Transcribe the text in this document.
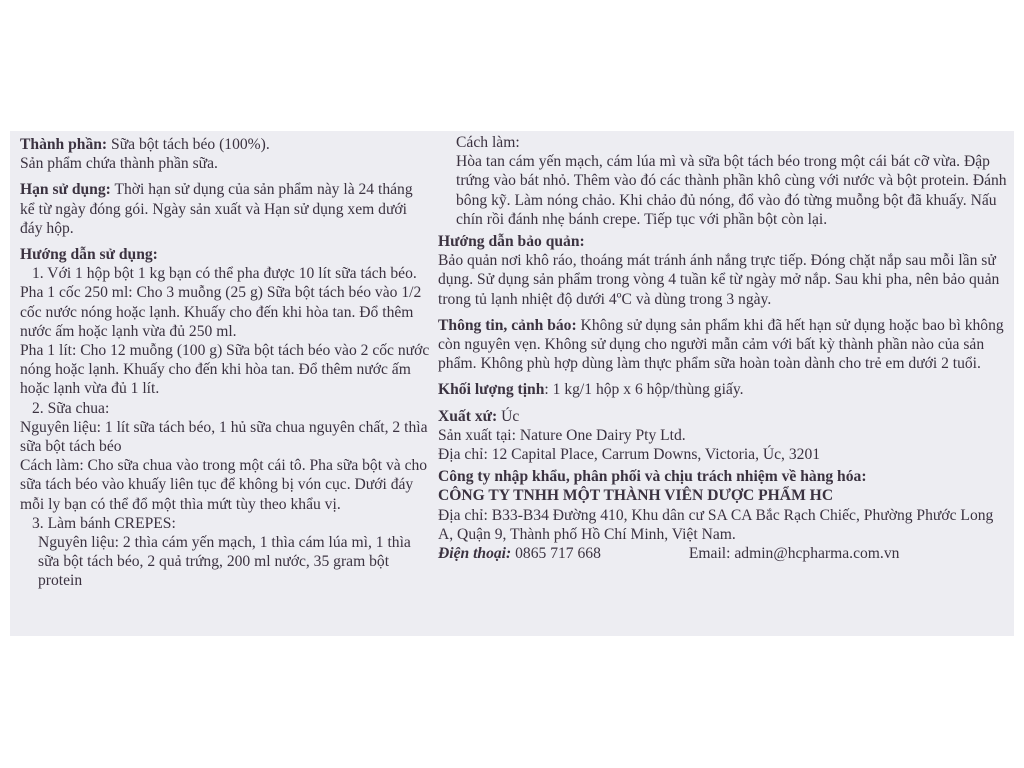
Thành phần: Sữa bột tách béo (100%).

Sản phẩm chứa thành phần sữa.

Hạn sử dụng: Thời hạn sử dụng của sản phẩm này là 24 tháng kể từ ngày đóng gói. Ngày sản xuất và Hạn sử dụng xem dưới đáy hộp.

Hướng dẫn sử dụng:

1. Với 1 hộp bột 1 kg bạn có thể pha được 10 lít sữa tách béo.

Pha 1 cốc 250 ml: Cho 3 muỗng (25 g) Sữa bột tách béo vào 1/2 cốc nước nóng hoặc lạnh. Khuấy cho đến khi hòa tan. Đổ thêm nước ấm hoặc lạnh vừa đủ 250 ml.

Pha 1 lít: Cho 12 muỗng (100 g) Sữa bột tách béo vào 2 cốc nước nóng hoặc lạnh. Khuấy cho đến khi hòa tan. Đổ thêm nước ấm hoặc lạnh vừa đủ 1 lít.

2. Sữa chua:

Nguyên liệu: 1 lít sữa tách béo, 1 hủ sữa chua nguyên chất, 2 thìa sữa bột tách béo

Cách làm: Cho sữa chua vào trong một cái tô. Pha sữa bột và cho sữa tách béo vào khuấy liên tục để không bị vón cục. Dưới đáy mỗi ly bạn có thể đổ một thìa mứt tùy theo khẩu vị.

3. Làm bánh CREPES:

Nguyên liệu: 2 thìa cám yến mạch, 1 thìa cám lúa mì, 1 thìa sữa bột tách béo, 2 quả trứng, 200 ml nước, 35 gram bột protein

Cách làm:

Hòa tan cám yến mạch, cám lúa mì và sữa bột tách béo trong một cái bát cỡ vừa. Đập trứng vào bát nhỏ. Thêm vào đó các thành phần khô cùng với nước và bột protein. Đánh bông kỹ. Làm nóng chảo. Khi chảo đủ nóng, đổ vào đó từng muỗng bột đã khuấy. Nấu chín rồi đánh nhẹ bánh crepe. Tiếp tục với phần bột còn lại.

Hướng dẫn bảo quản:

Bảo quản nơi khô ráo, thoáng mát tránh ánh nắng trực tiếp. Đóng chặt nắp sau mỗi lần sử dụng. Sử dụng sản phẩm trong vòng 4 tuần kể từ ngày mở nắp. Sau khi pha, nên bảo quản trong tủ lạnh nhiệt độ dưới 4ºC và dùng trong 3 ngày.

Thông tin, cảnh báo: Không sử dụng sản phẩm khi đã hết hạn sử dụng hoặc bao bì không còn nguyên vẹn. Không sử dụng cho người mẫn cảm với bất kỳ thành phần nào của sản phẩm. Không phù hợp dùng làm thực phẩm sữa hoàn toàn dành cho trẻ em dưới 2 tuổi.

Khối lượng tịnh: 1 kg/1 hộp x 6 hộp/thùng giấy.

Xuất xứ: Úc

Sản xuất tại: Nature One Dairy Pty Ltd.

Địa chỉ: 12 Capital Place, Carrum Downs, Victoria, Úc, 3201

Công ty nhập khẩu, phân phối và chịu trách nhiệm về hàng hóa:

CÔNG TY TNHH MỘT THÀNH VIÊN DƯỢC PHẨM HC

Địa chỉ: B33-B34 Đường 410, Khu dân cư SA CA Bắc Rạch Chiếc, Phường Phước Long A, Quận 9, Thành phố Hồ Chí Minh, Việt Nam.

Điện thoại: 0865 717 668	Email: admin@hcpharma.com.vn
